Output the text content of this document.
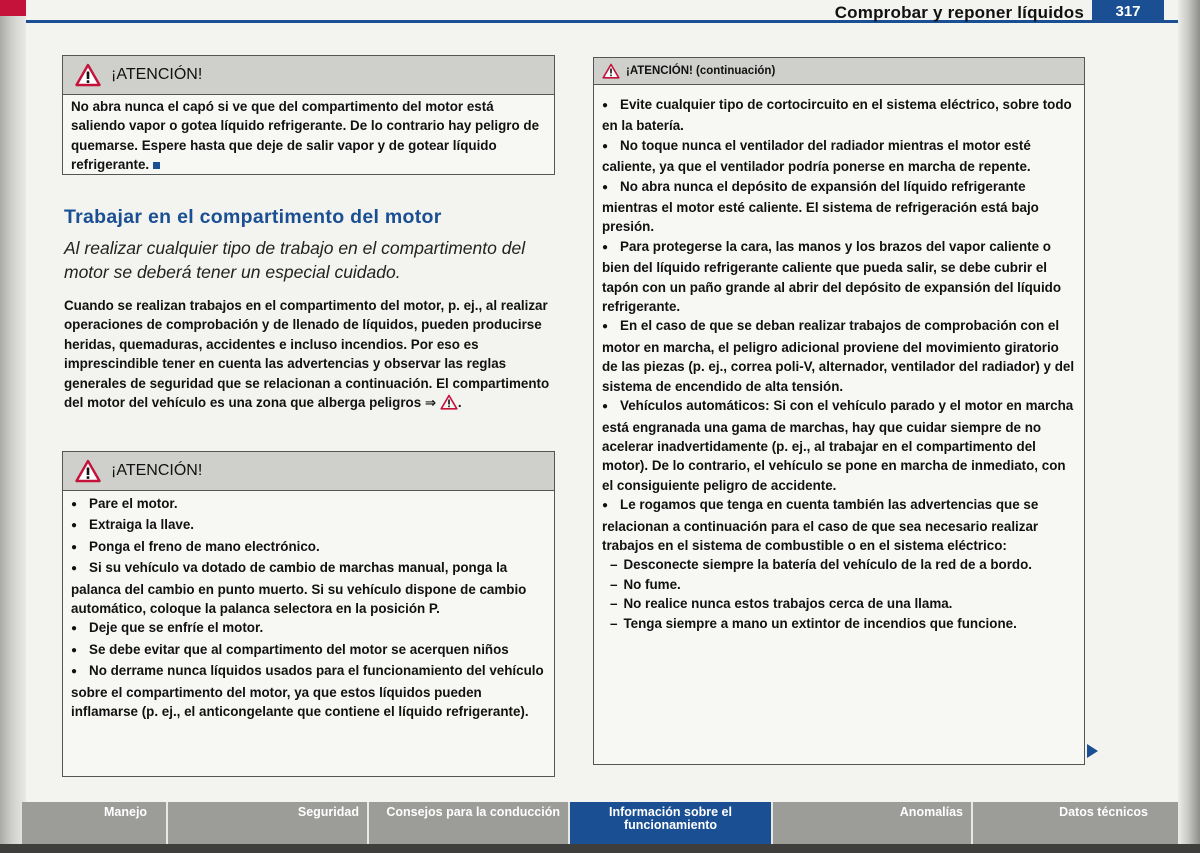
Comprobar y reponer líquidos	317
¡ATENCIÓN!

No abra nunca el capó si ve que del compartimento del motor está saliendo vapor o gotea líquido refrigerante. De lo contrario hay peligro de quemarse. Espere hasta que deje de salir vapor y de gotear líquido refrigerante.

Trabajar en el compartimento del motor
Al realizar cualquier tipo de trabajo en el compartimento del motor se deberá tener un especial cuidado.
Cuando se realizan trabajos en el compartimento del motor, p. ej., al realizar operaciones de comprobación y de llenado de líquidos, pueden producirse heridas, quemaduras, accidentes e incluso incendios. Por eso es imprescindible tener en cuenta las advertencias y observar las reglas generales de seguridad que se relacionan a continuación. El compartimento del motor del vehículo es una zona que alberga peligros ⇒ .
¡ATENCIÓN!

● Pare el motor.

● Extraiga la llave.

● Ponga el freno de mano electrónico.

● Si su vehículo va dotado de cambio de marchas manual, ponga la palanca del cambio en punto muerto. Si su vehículo dispone de cambio automático, coloque la palanca selectora en la posición P.

● Deje que se enfríe el motor.

● Se debe evitar que al compartimento del motor se acerquen niños

● No derrame nunca líquidos usados para el funcionamiento del vehículo sobre el compartimento del motor, ya que estos líquidos pueden inflamarse (p. ej., el anticongelante que contiene el líquido refrigerante).

¡ATENCIÓN! (continuación)

● Evite cualquier tipo de cortocircuito en el sistema eléctrico, sobre todo en la batería.

● No toque nunca el ventilador del radiador mientras el motor esté caliente, ya que el ventilador podría ponerse en marcha de repente.

● No abra nunca el depósito de expansión del líquido refrigerante mientras el motor esté caliente. El sistema de refrigeración está bajo presión.

● Para protegerse la cara, las manos y los brazos del vapor caliente o bien del líquido refrigerante caliente que pueda salir, se debe cubrir el tapón con un paño grande al abrir del depósito de expansión del líquido refrigerante.

● En el caso de que se deban realizar trabajos de comprobación con el motor en marcha, el peligro adicional proviene del movimiento giratorio de las piezas (p. ej., correa poli-V, alternador, ventilador del radiador) y del sistema de encendido de alta tensión.

● Vehículos automáticos: Si con el vehículo parado y el motor en marcha está engranada una gama de marchas, hay que cuidar siempre de no acelerar inadvertidamente (p. ej., al trabajar en el compartimento del motor). De lo contrario, el vehículo se pone en marcha de inmediato, con el consiguiente peligro de accidente.

● Le rogamos que tenga en cuenta también las advertencias que se relacionan a continuación para el caso de que sea necesario realizar trabajos en el sistema de combustible o en el sistema eléctrico:

– Desconecte siempre la batería del vehículo de la red de a bordo.

– No fume.

– No realice nunca estos trabajos cerca de una llama.

– Tenga siempre a mano un extintor de incendios que funcione.

Manejo	Seguridad	Consejos para la conducción	Información sobre el funcionamiento
Anomalías	Datos técnicos
